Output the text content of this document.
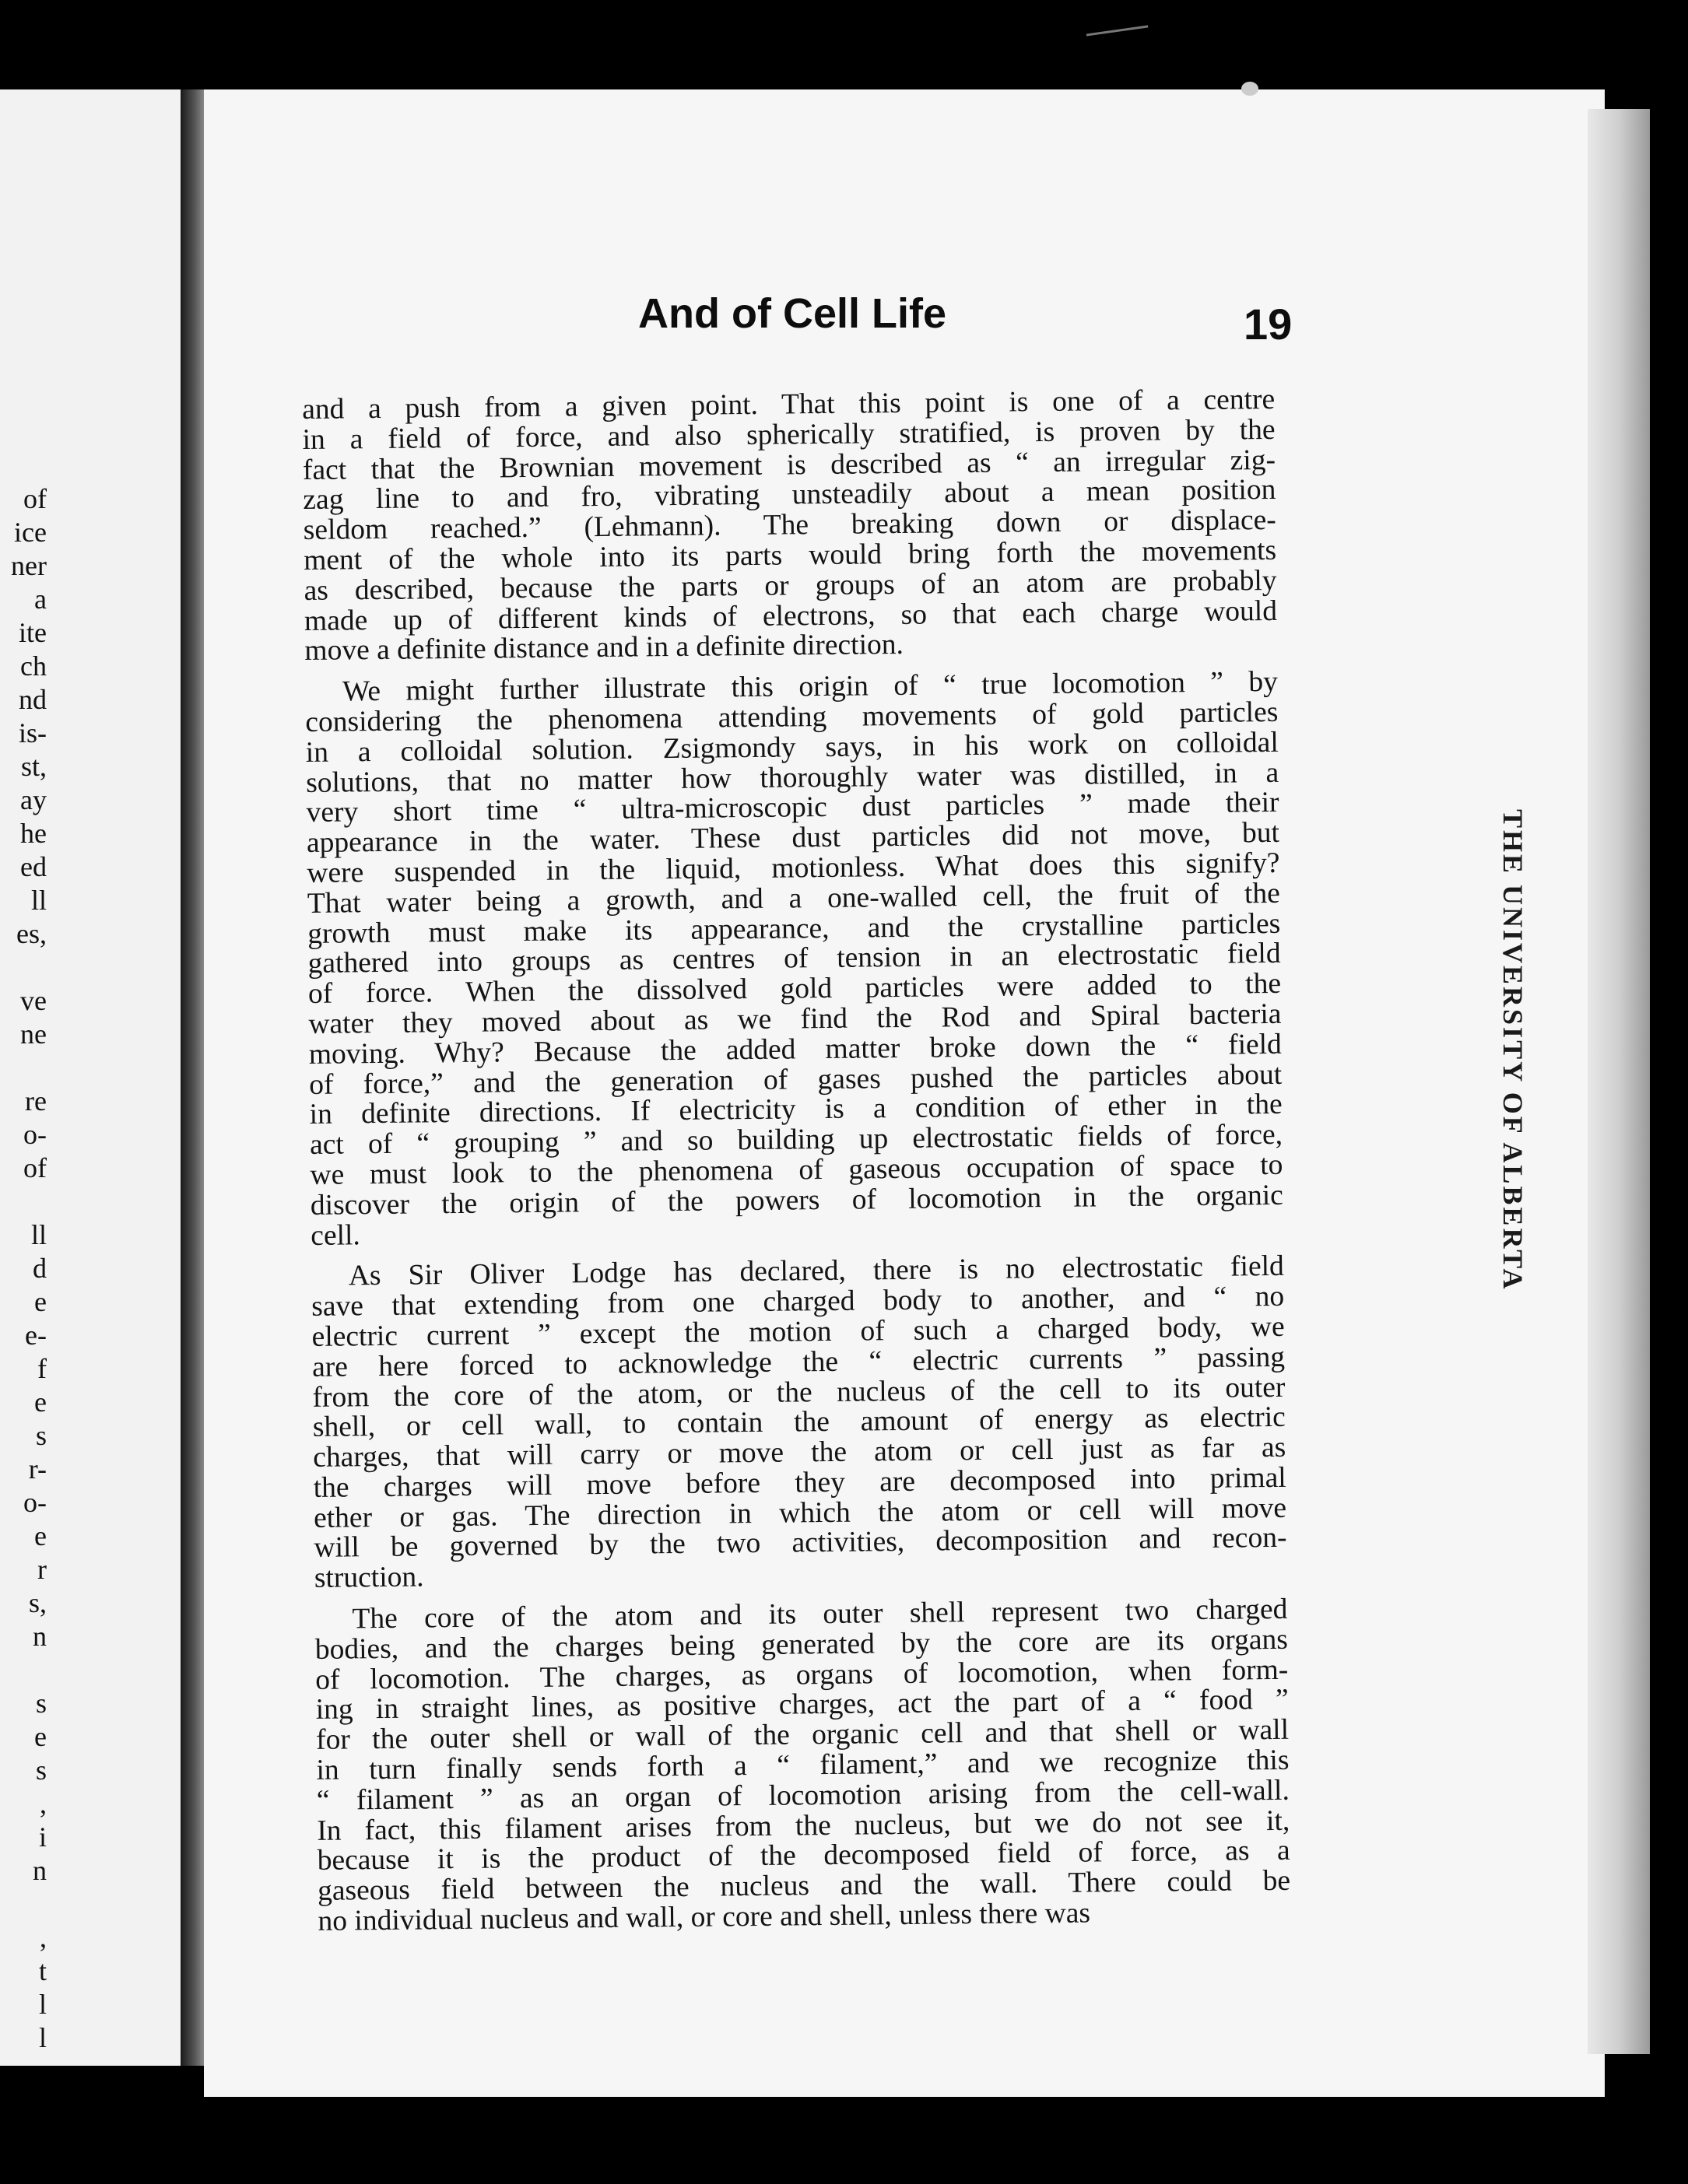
of
ice
ner
a
ite
ch
nd
is-
st,
ay
he
ed
ll
es,
ve
ne
re
o-
of
ll
d
e
e-
f
e
s
r-
o-
e
r
s,
n
s
e
s
,
i
n
,
t
l
l
THE UNIVERSITY OF ALBERTA
And of Cell Life	19
and a push from a given point. That this point is one of a centre
in a field of force, and also spherically stratified, is proven by the
fact that the Brownian movement is described as “ an irregular zig-
zag line to and fro, vibrating unsteadily about a mean position
seldom reached.” (Lehmann). The breaking down or displace-
ment of the whole into its parts would bring forth the movements
as described, because the parts or groups of an atom are probably
made up of different kinds of electrons, so that each charge would
move a definite distance and in a definite direction.
We might further illustrate this origin of “ true locomotion ” by
considering the phenomena attending movements of gold particles
in a colloidal solution. Zsigmondy says, in his work on colloidal
solutions, that no matter how thoroughly water was distilled, in a
very short time “ ultra-microscopic dust particles ” made their
appearance in the water. These dust particles did not move, but
were suspended in the liquid, motionless. What does this signify?
That water being a growth, and a one-walled cell, the fruit of the
growth must make its appearance, and the crystalline particles
gathered into groups as centres of tension in an electrostatic field
of force. When the dissolved gold particles were added to the
water they moved about as we find the Rod and Spiral bacteria
moving. Why? Because the added matter broke down the “ field
of force,” and the generation of gases pushed the particles about
in definite directions. If electricity is a condition of ether in the
act of “ grouping ” and so building up electrostatic fields of force,
we must look to the phenomena of gaseous occupation of space to
discover the origin of the powers of locomotion in the organic
cell.
As Sir Oliver Lodge has declared, there is no electrostatic field
save that extending from one charged body to another, and “ no
electric current ” except the motion of such a charged body, we
are here forced to acknowledge the “ electric currents ” passing
from the core of the atom, or the nucleus of the cell to its outer
shell, or cell wall, to contain the amount of energy as electric
charges, that will carry or move the atom or cell just as far as
the charges will move before they are decomposed into primal
ether or gas. The direction in which the atom or cell will move
will be governed by the two activities, decomposition and recon-
struction.
The core of the atom and its outer shell represent two charged
bodies, and the charges being generated by the core are its organs
of locomotion. The charges, as organs of locomotion, when form-
ing in straight lines, as positive charges, act the part of a “ food ”
for the outer shell or wall of the organic cell and that shell or wall
in turn finally sends forth a “ filament,” and we recognize this
“ filament ” as an organ of locomotion arising from the cell-wall.
In fact, this filament arises from the nucleus, but we do not see it,
because it is the product of the decomposed field of force, as a
gaseous field between the nucleus and the wall. There could be
no individual nucleus and wall, or core and shell, unless there was
